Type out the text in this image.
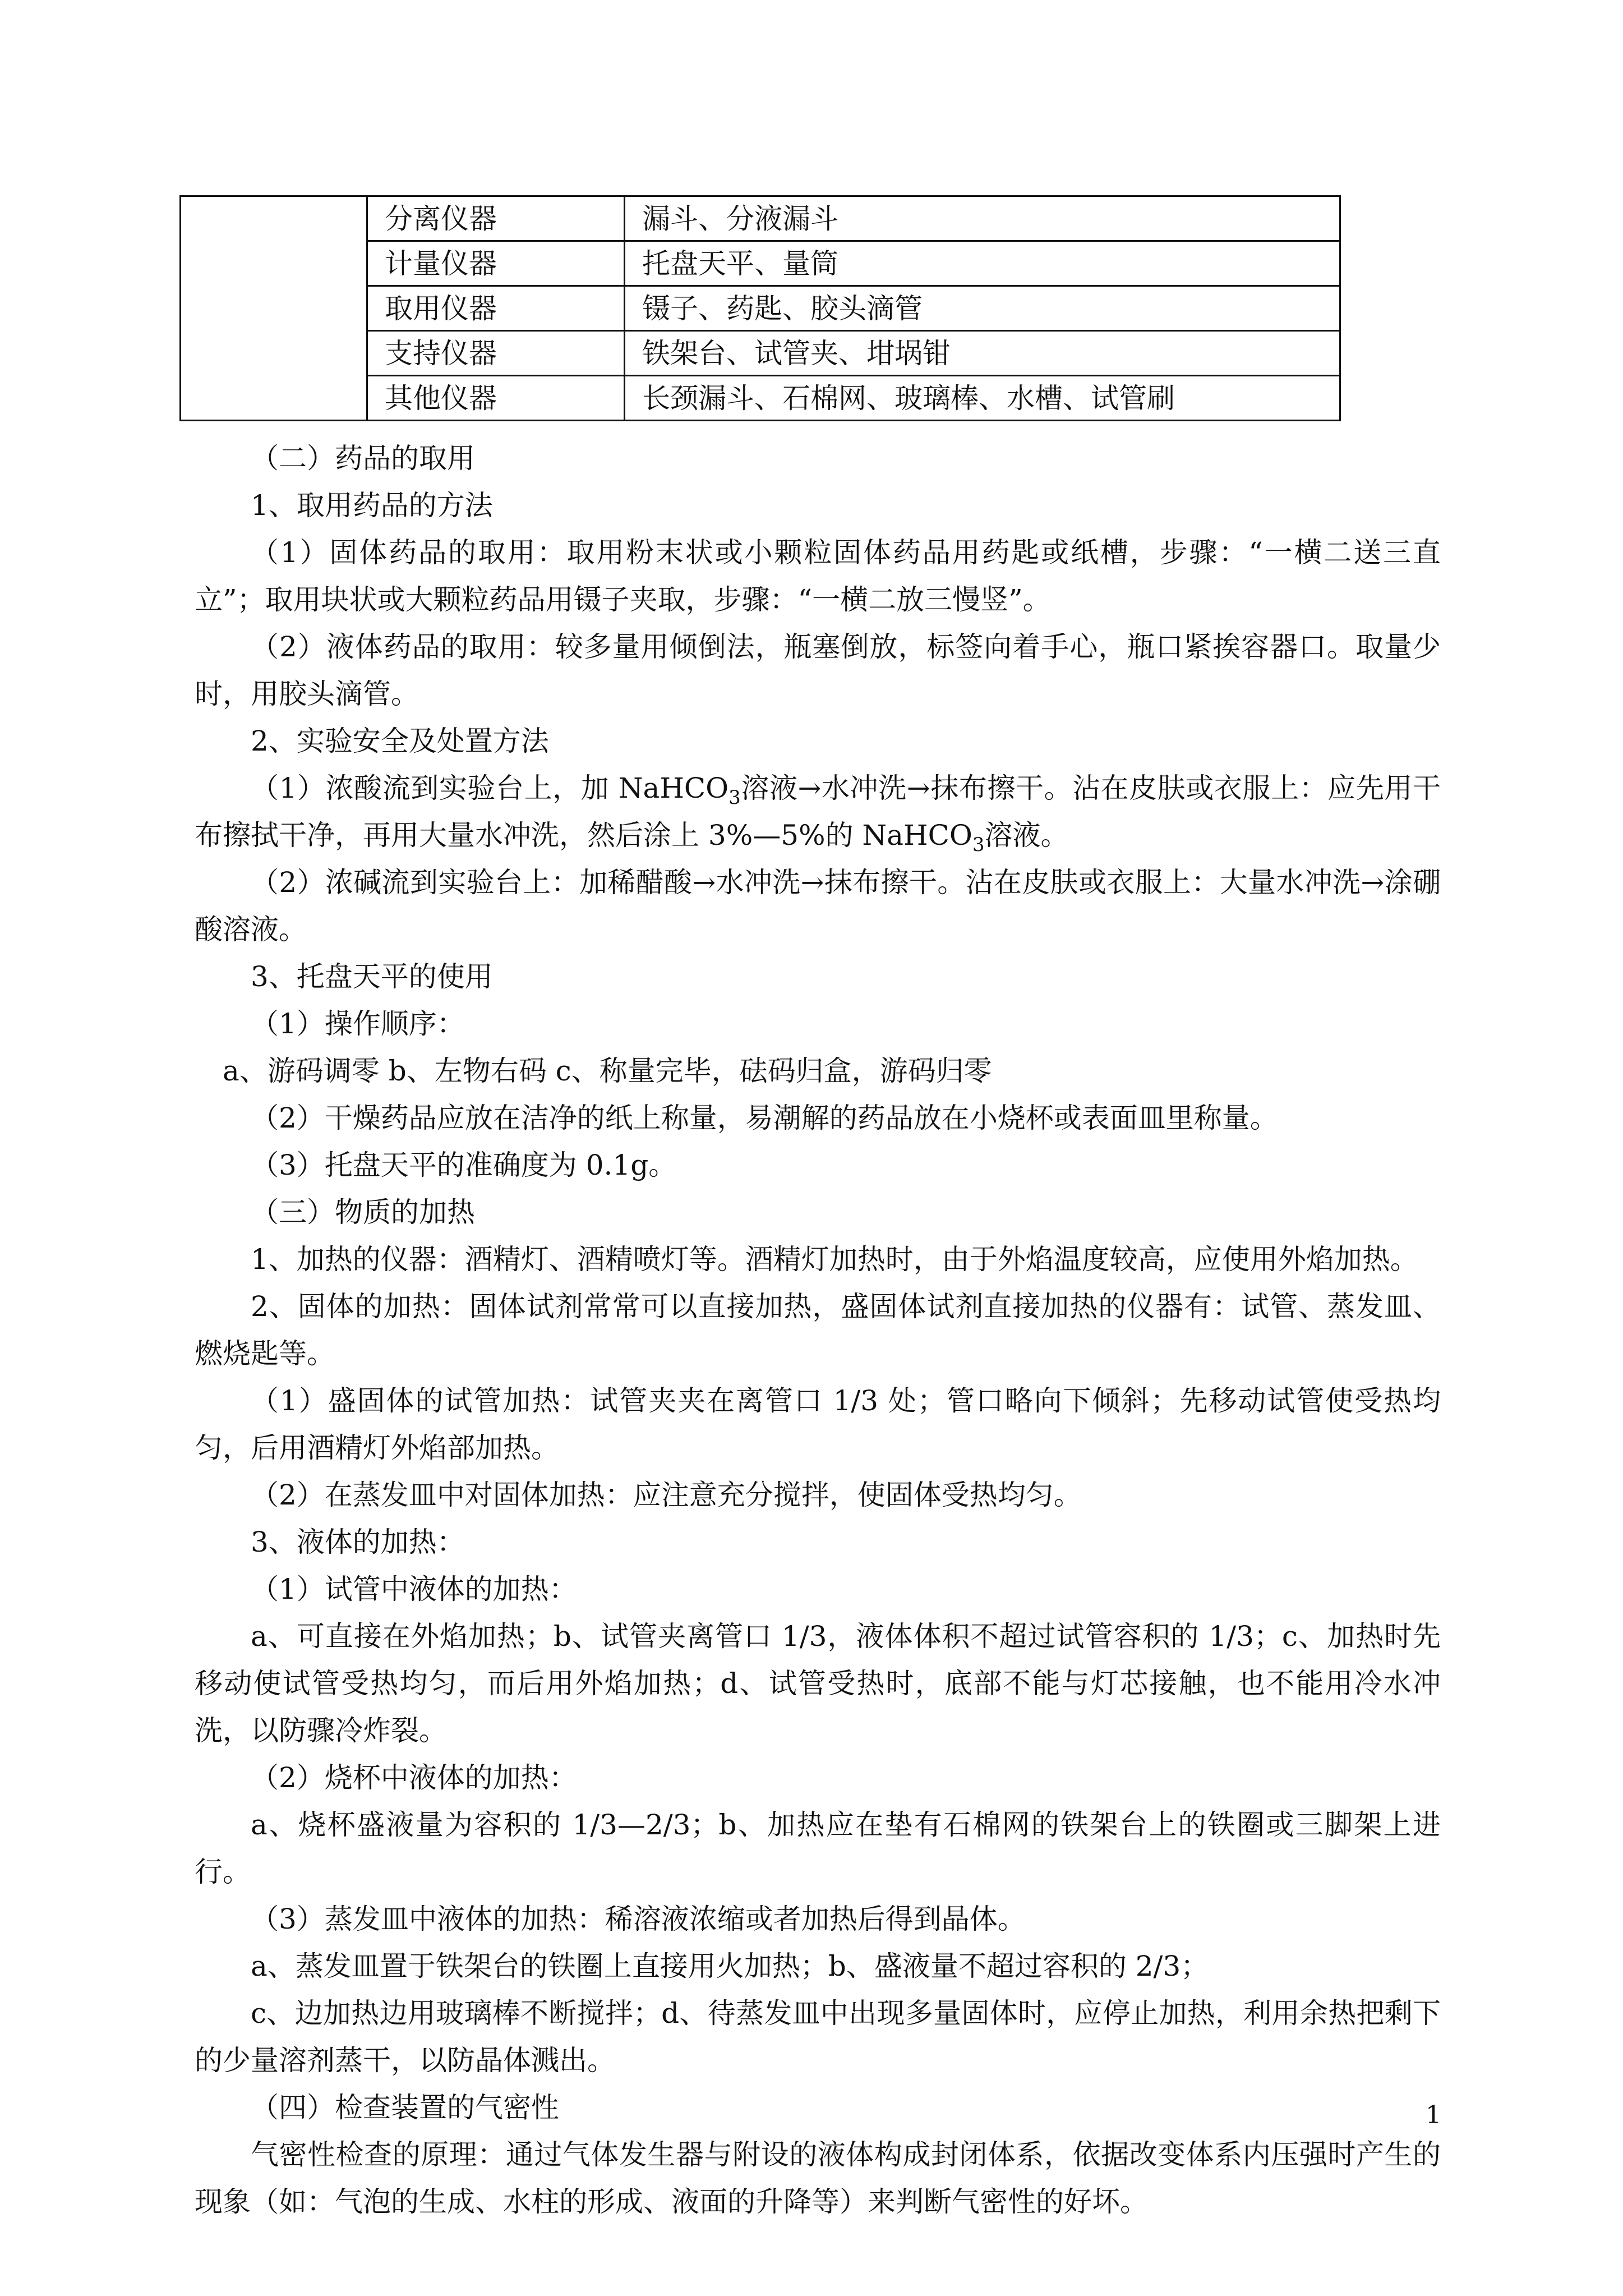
	分离仪器	漏斗、分液漏斗
	计量仪器	托盘天平、量筒
	取用仪器	镊子、药匙、胶头滴管
	支持仪器	铁架台、试管夹、坩埚钳
	其他仪器	长颈漏斗、石棉网、玻璃棒、水槽、试管刷

（二）药品的取用

1、取用药品的方法

（1）固体药品的取用：取用粉末状或小颗粒固体药品用药匙或纸槽，步骤：“一横二送三直立”；取用块状或大颗粒药品用镊子夹取，步骤：“一横二放三慢竖”。

（2）液体药品的取用：较多量用倾倒法，瓶塞倒放，标签向着手心，瓶口紧挨容器口。取量少时，用胶头滴管。

2、实验安全及处置方法

（1）浓酸流到实验台上，加 NaHCO$_3$溶液→水冲洗→抹布擦干。沾在皮肤或衣服上：应先用干布擦拭干净，再用大量水冲洗，然后涂上 3%—5%的 NaHCO$_3$溶液。

（2）浓碱流到实验台上：加稀醋酸→水冲洗→抹布擦干。沾在皮肤或衣服上：大量水冲洗→涂硼酸溶液。

3、托盘天平的使用

（1）操作顺序：

a、游码调零 b、左物右码 c、称量完毕，砝码归盒，游码归零

（2）干燥药品应放在洁净的纸上称量，易潮解的药品放在小烧杯或表面皿里称量。

（3）托盘天平的准确度为 0.1g。

（三）物质的加热

1、加热的仪器：酒精灯、酒精喷灯等。酒精灯加热时，由于外焰温度较高，应使用外焰加热。

2、固体的加热：固体试剂常常可以直接加热，盛固体试剂直接加热的仪器有：试管、蒸发皿、燃烧匙等。

（1）盛固体的试管加热：试管夹夹在离管口 1/3 处；管口略向下倾斜；先移动试管使受热均匀，后用酒精灯外焰部加热。

（2）在蒸发皿中对固体加热：应注意充分搅拌，使固体受热均匀。

3、液体的加热：

（1）试管中液体的加热：

a、可直接在外焰加热；b、试管夹离管口 1/3，液体体积不超过试管容积的 1/3；c、加热时先移动使试管受热均匀，而后用外焰加热；d、试管受热时，底部不能与灯芯接触，也不能用冷水冲洗，以防骤冷炸裂。

（2）烧杯中液体的加热：

a、烧杯盛液量为容积的 1/3—2/3；b、加热应在垫有石棉网的铁架台上的铁圈或三脚架上进行。

（3）蒸发皿中液体的加热：稀溶液浓缩或者加热后得到晶体。

a、蒸发皿置于铁架台的铁圈上直接用火加热；b、盛液量不超过容积的 2/3；

c、边加热边用玻璃棒不断搅拌；d、待蒸发皿中出现多量固体时，应停止加热，利用余热把剩下的少量溶剂蒸干，以防晶体溅出。

（四）检查装置的气密性

气密性检查的原理：通过气体发生器与附设的液体构成封闭体系，依据改变体系内压强时产生的现象（如：气泡的生成、水柱的形成、液面的升降等）来判断气密性的好坏。

1
